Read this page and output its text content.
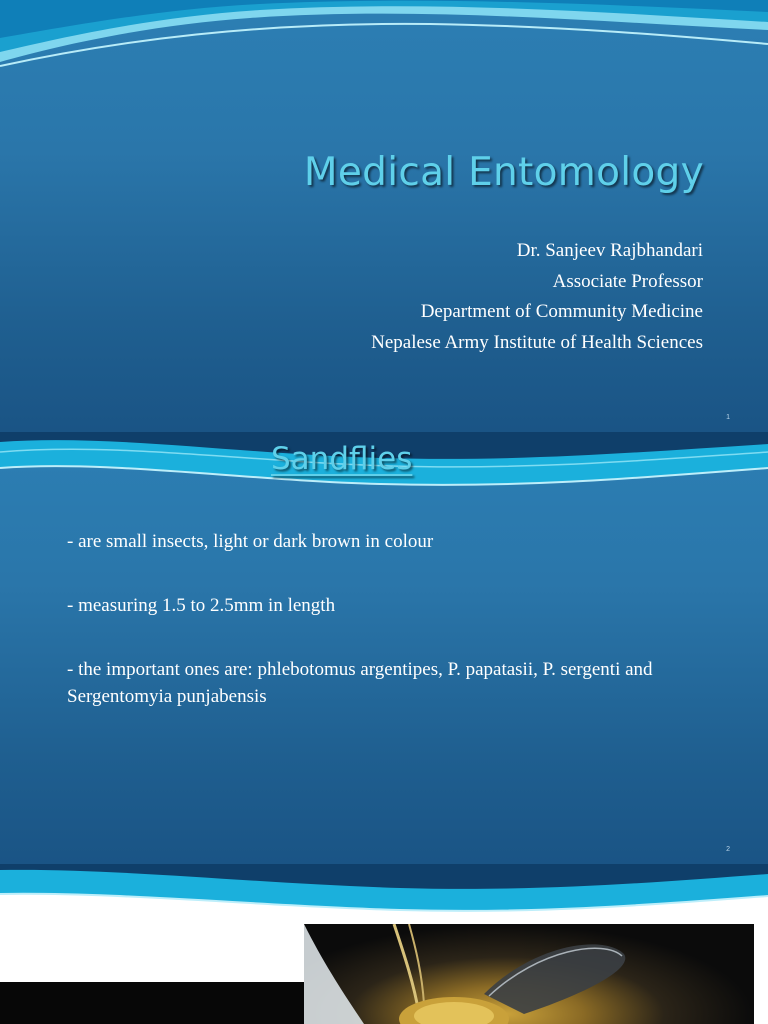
Medical Entomology
Dr. Sanjeev Rajbhandari
Associate Professor
Department of Community Medicine
Nepalese Army Institute of Health Sciences
1
Sandflies
2

- are small insects, light or dark brown in colour

- measuring 1.5 to 2.5mm in length

- the important ones are: phlebotomus argentipes, P. papatasii, P. sergenti and Sergentomyia punjabensis
